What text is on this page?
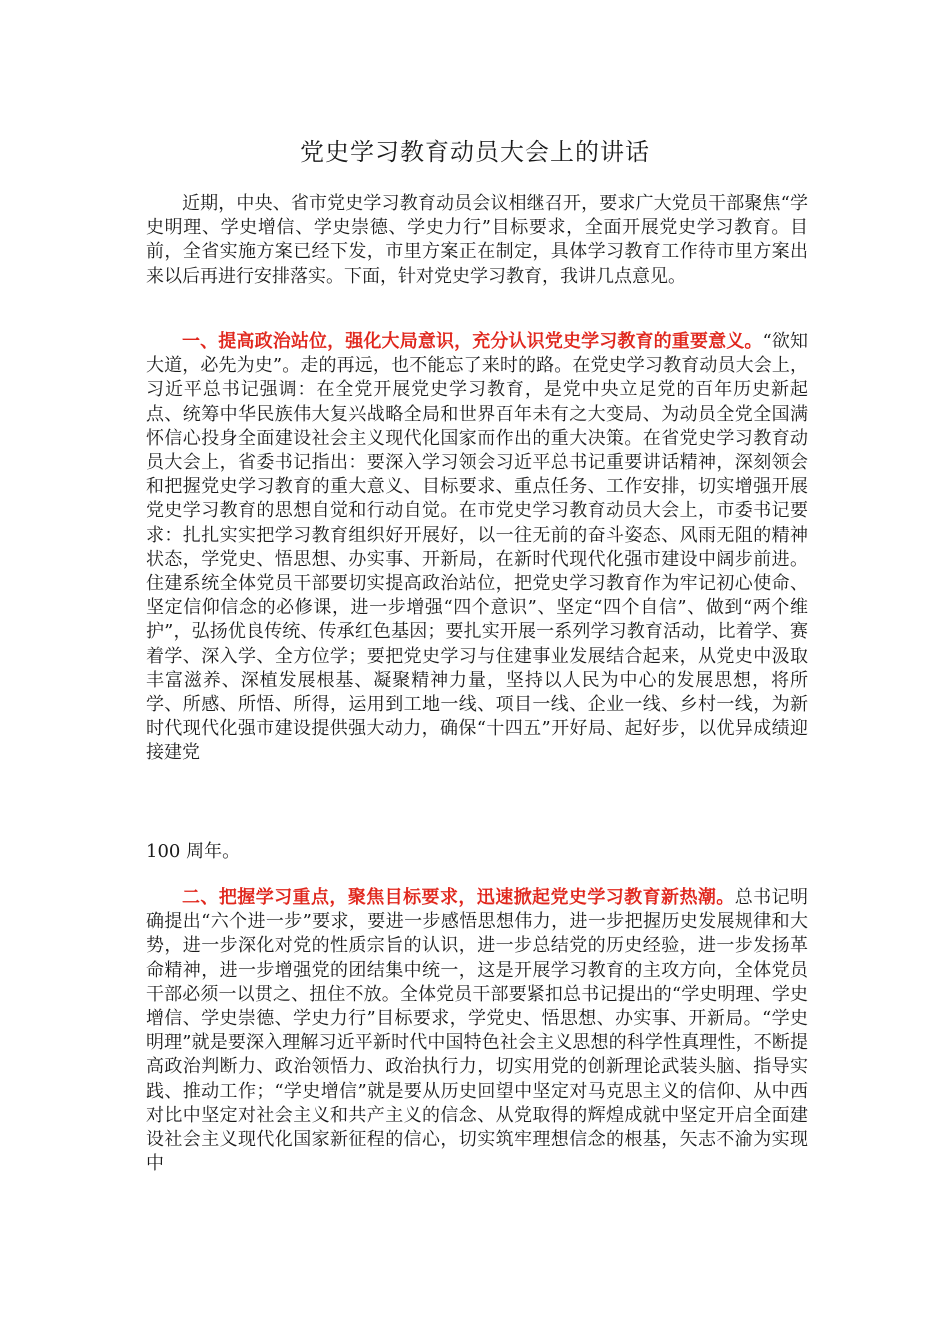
党史学习教育动员大会上的讲话

近期，中央、省市党史学习教育动员会议相继召开，要求广大党员干部聚焦“学史明理、学史增信、学史崇德、学史力行”目标要求，全面开展党史学习教育。目前，全省实施方案已经下发，市里方案正在制定，具体学习教育工作待市里方案出来以后再进行安排落实。下面，针对党史学习教育，我讲几点意见。

一、提高政治站位，强化大局意识，充分认识党史学习教育的重要意义。“欲知大道，必先为史”。走的再远，也不能忘了来时的路。在党史学习教育动员大会上，习近平总书记强调：在全党开展党史学习教育，是党中央立足党的百年历史新起点、统筹中华民族伟大复兴战略全局和世界百年未有之大变局、为动员全党全国满怀信心投身全面建设社会主义现代化国家而作出的重大决策。在省党史学习教育动员大会上，省委书记指出：要深入学习领会习近平总书记重要讲话精神，深刻领会和把握党史学习教育的重大意义、目标要求、重点任务、工作安排，切实增强开展党史学习教育的思想自觉和行动自觉。在市党史学习教育动员大会上，市委书记要求：扎扎实实把学习教育组织好开展好，以一往无前的奋斗姿态、风雨无阻的精神状态，学党史、悟思想、办实事、开新局，在新时代现代化强市建设中阔步前进。住建系统全体党员干部要切实提高政治站位，把党史学习教育作为牢记初心使命、坚定信仰信念的必修课，进一步增强“四个意识”、坚定“四个自信”、做到“两个维护”，弘扬优良传统、传承红色基因；要扎实开展一系列学习教育活动，比着学、赛着学、深入学、全方位学；要把党史学习与住建事业发展结合起来，从党史中汲取丰富滋养、深植发展根基、凝聚精神力量，坚持以人民为中心的发展思想，将所学、所感、所悟、所得，运用到工地一线、项目一线、企业一线、乡村一线，为新时代现代化强市建设提供强大动力，确保“十四五”开好局、起好步，以优异成绩迎接建党

100 周年。

二、把握学习重点，聚焦目标要求，迅速掀起党史学习教育新热潮。总书记明确提出“六个进一步”要求，要进一步感悟思想伟力，进一步把握历史发展规律和大势，进一步深化对党的性质宗旨的认识，进一步总结党的历史经验，进一步发扬革命精神，进一步增强党的团结集中统一，这是开展学习教育的主攻方向，全体党员干部必须一以贯之、扭住不放。全体党员干部要紧扣总书记提出的“学史明理、学史增信、学史崇德、学史力行”目标要求，学党史、悟思想、办实事、开新局。“学史明理”就是要深入理解习近平新时代中国特色社会主义思想的科学性真理性，不断提高政治判断力、政治领悟力、政治执行力，切实用党的创新理论武装头脑、指导实践、推动工作；“学史增信”就是要从历史回望中坚定对马克思主义的信仰、从中西对比中坚定对社会主义和共产主义的信念、从党取得的辉煌成就中坚定开启全面建设社会主义现代化国家新征程的信心，切实筑牢理想信念的根基，矢志不渝为实现中
